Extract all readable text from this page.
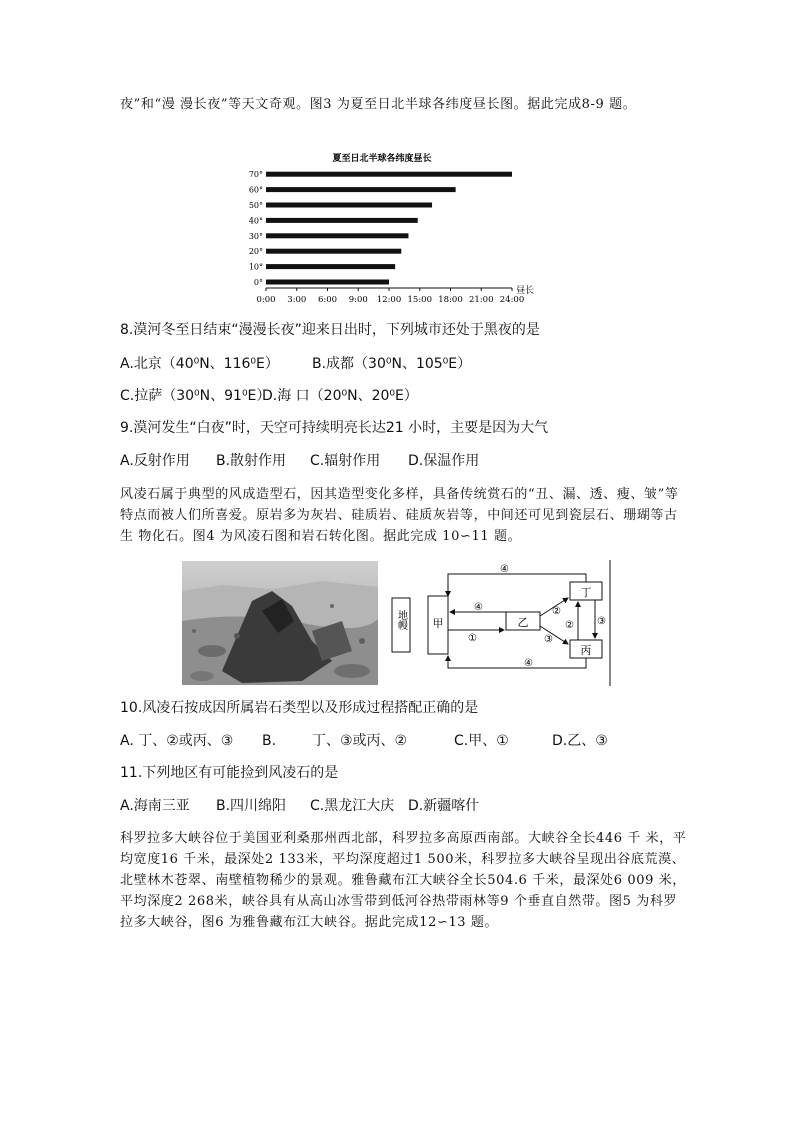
夜”和“漫 漫长夜”等天文奇观。图3 为夏至日北半球各纬度昼长图。据此完成8-9 题。
夏至日北半球各纬度昼长
0°
10°
20°
30°
40°
50°
60°
70°
0:00 3:00 6:00 9:00 12:00 15:00 18:00 21:00 24:00
昼长
8.漠河冬至日结束“漫漫长夜”迎来日出时，下列城市还处于黑夜的是
A.北京（40⁰N、116⁰E） B.成都（30⁰N、105⁰E）
C.拉萨（30⁰N、91⁰E）
D.海 口（20⁰N、20⁰E）
9.漠河发生“白夜”时，天空可持续明亮长达21 小时，主要是因为大气
A.反射作用 B.散射作用 C.辐射作用 D.保温作用
风凌石属于典型的风成造型石，因其造型变化多样，具备传统赏石的“丑、漏、透、瘦、皱”等 特点而被人们所喜爱。原岩多为灰岩、硅质岩、硅质灰岩等，中间还可见到瓷层石、珊瑚等古生 物化石。图4 为风凌石图和岩石转化图。据此完成 10∽11 题。
地幔 甲	乙
丁
丙
④
④
①
④
②
③
② ③
10.风凌石按成因所属岩石类型以及形成过程搭配正确的是
A. 丁、②或丙、③ B.	丁、③或丙、②	C.甲、①	D.乙、③
11.下列地区有可能捡到风凌石的是
A.海南三亚 B.四川绵阳 C.黑龙江大庆 D.新疆喀什
科罗拉多大峡谷位于美国亚利桑那州西北部，科罗拉多高原西南部。大峡谷全长446 千 米，平均宽度16 千米，最深处2 133米，平均深度超过1 500米，科罗拉多大峡谷呈现出谷底荒漠、北壁林木苍翠、南壁植物稀少的景观。雅鲁藏布江大峡谷全长504.6 千米，最深处6 009 米，平均深度2 268米，峡谷具有从高山冰雪带到低河谷热带雨林等9 个垂直自然带。图5 为科罗拉多大峡谷，图6 为雅鲁藏布江大峡谷。据此完成12∽13 题。
